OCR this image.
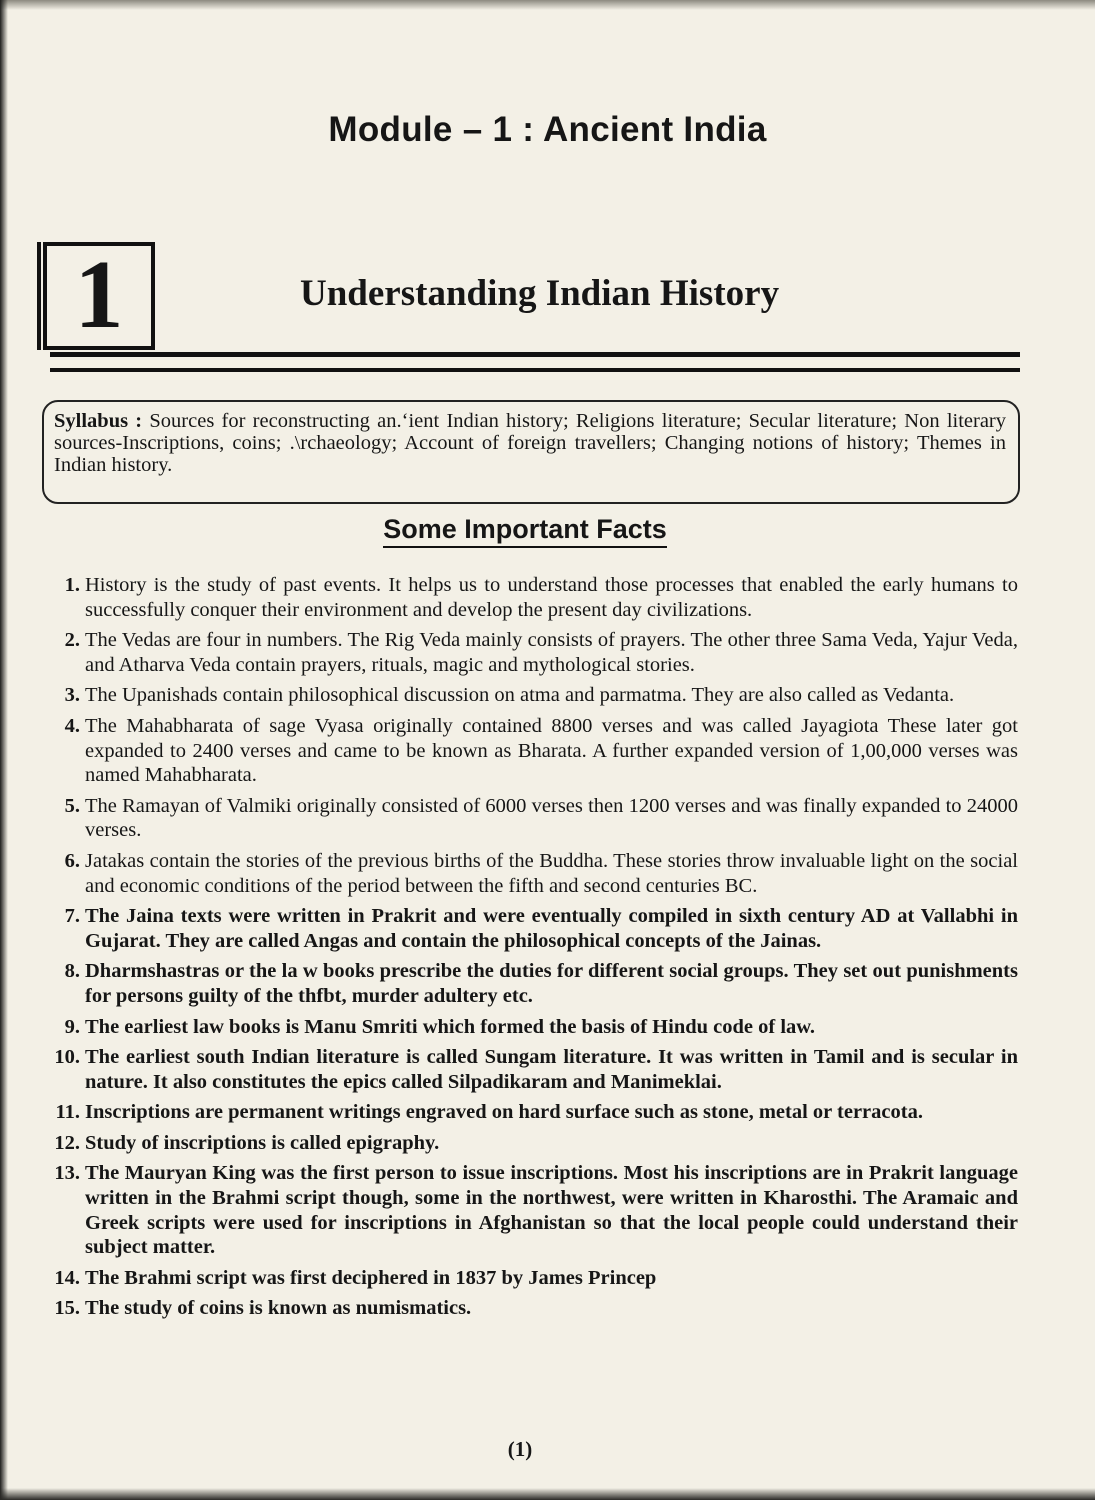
Module – 1 : Ancient India
1	Understanding Indian History
Syllabus : Sources for reconstructing an.‘ient Indian history; Religions literature; Secular literature; Non literary sources-Inscriptions, coins; .\rchaeology; Account of foreign travellers; Changing notions of history; Themes in Indian history.
Some Important Facts
1. History is the study of past events. It helps us to understand those processes that enabled the early humans to successfully conquer their environment and develop the present day civilizations.
2. The Vedas are four in numbers. The Rig Veda mainly consists of prayers. The other three Sama Veda, Yajur Veda, and Atharva Veda contain prayers, rituals, magic and mythological stories.
3. The Upanishads contain philosophical discussion on atma and parmatma. They are also called as Vedanta.
4. The Mahabharata of sage Vyasa originally contained 8800 verses and was called Jayagiota These later got expanded to 2400 verses and came to be known as Bharata. A further expanded version of 1,00,000 verses was named Mahabharata.
5. The Ramayan of Valmiki originally consisted of 6000 verses then 1200 verses and was finally expanded to 24000 verses.
6. Jatakas contain the stories of the previous births of the Buddha. These stories throw invaluable light on the social and economic conditions of the period between the fifth and second centuries BC.
7. The Jaina texts were written in Prakrit and were eventually compiled in sixth century AD at Vallabhi in Gujarat. They are called Angas and contain the philosophical concepts of the Jainas.
8. Dharmshastras or the la w books prescribe the duties for different social groups. They set out punishments for persons guilty of the thfbt, murder adultery etc.
9. The earliest law books is Manu Smriti which formed the basis of Hindu code of law.
10. The earliest south Indian literature is called Sungam literature. It was written in Tamil and is secular in nature. It also constitutes the epics called Silpadikaram and Manimeklai.
11. Inscriptions are permanent writings engraved on hard surface such as stone, metal or terracota.
12. Study of inscriptions is called epigraphy.
13. The Mauryan King was the first person to issue inscriptions. Most his inscriptions are in Prakrit language written in the Brahmi script though, some in the northwest, were written in Kharosthi. The Aramaic and Greek scripts were used for inscriptions in Afghanistan so that the local people could understand their subject matter.
14. The Brahmi script was first deciphered in 1837 by James Princep
15. The study of coins is known as numismatics.
(1)
